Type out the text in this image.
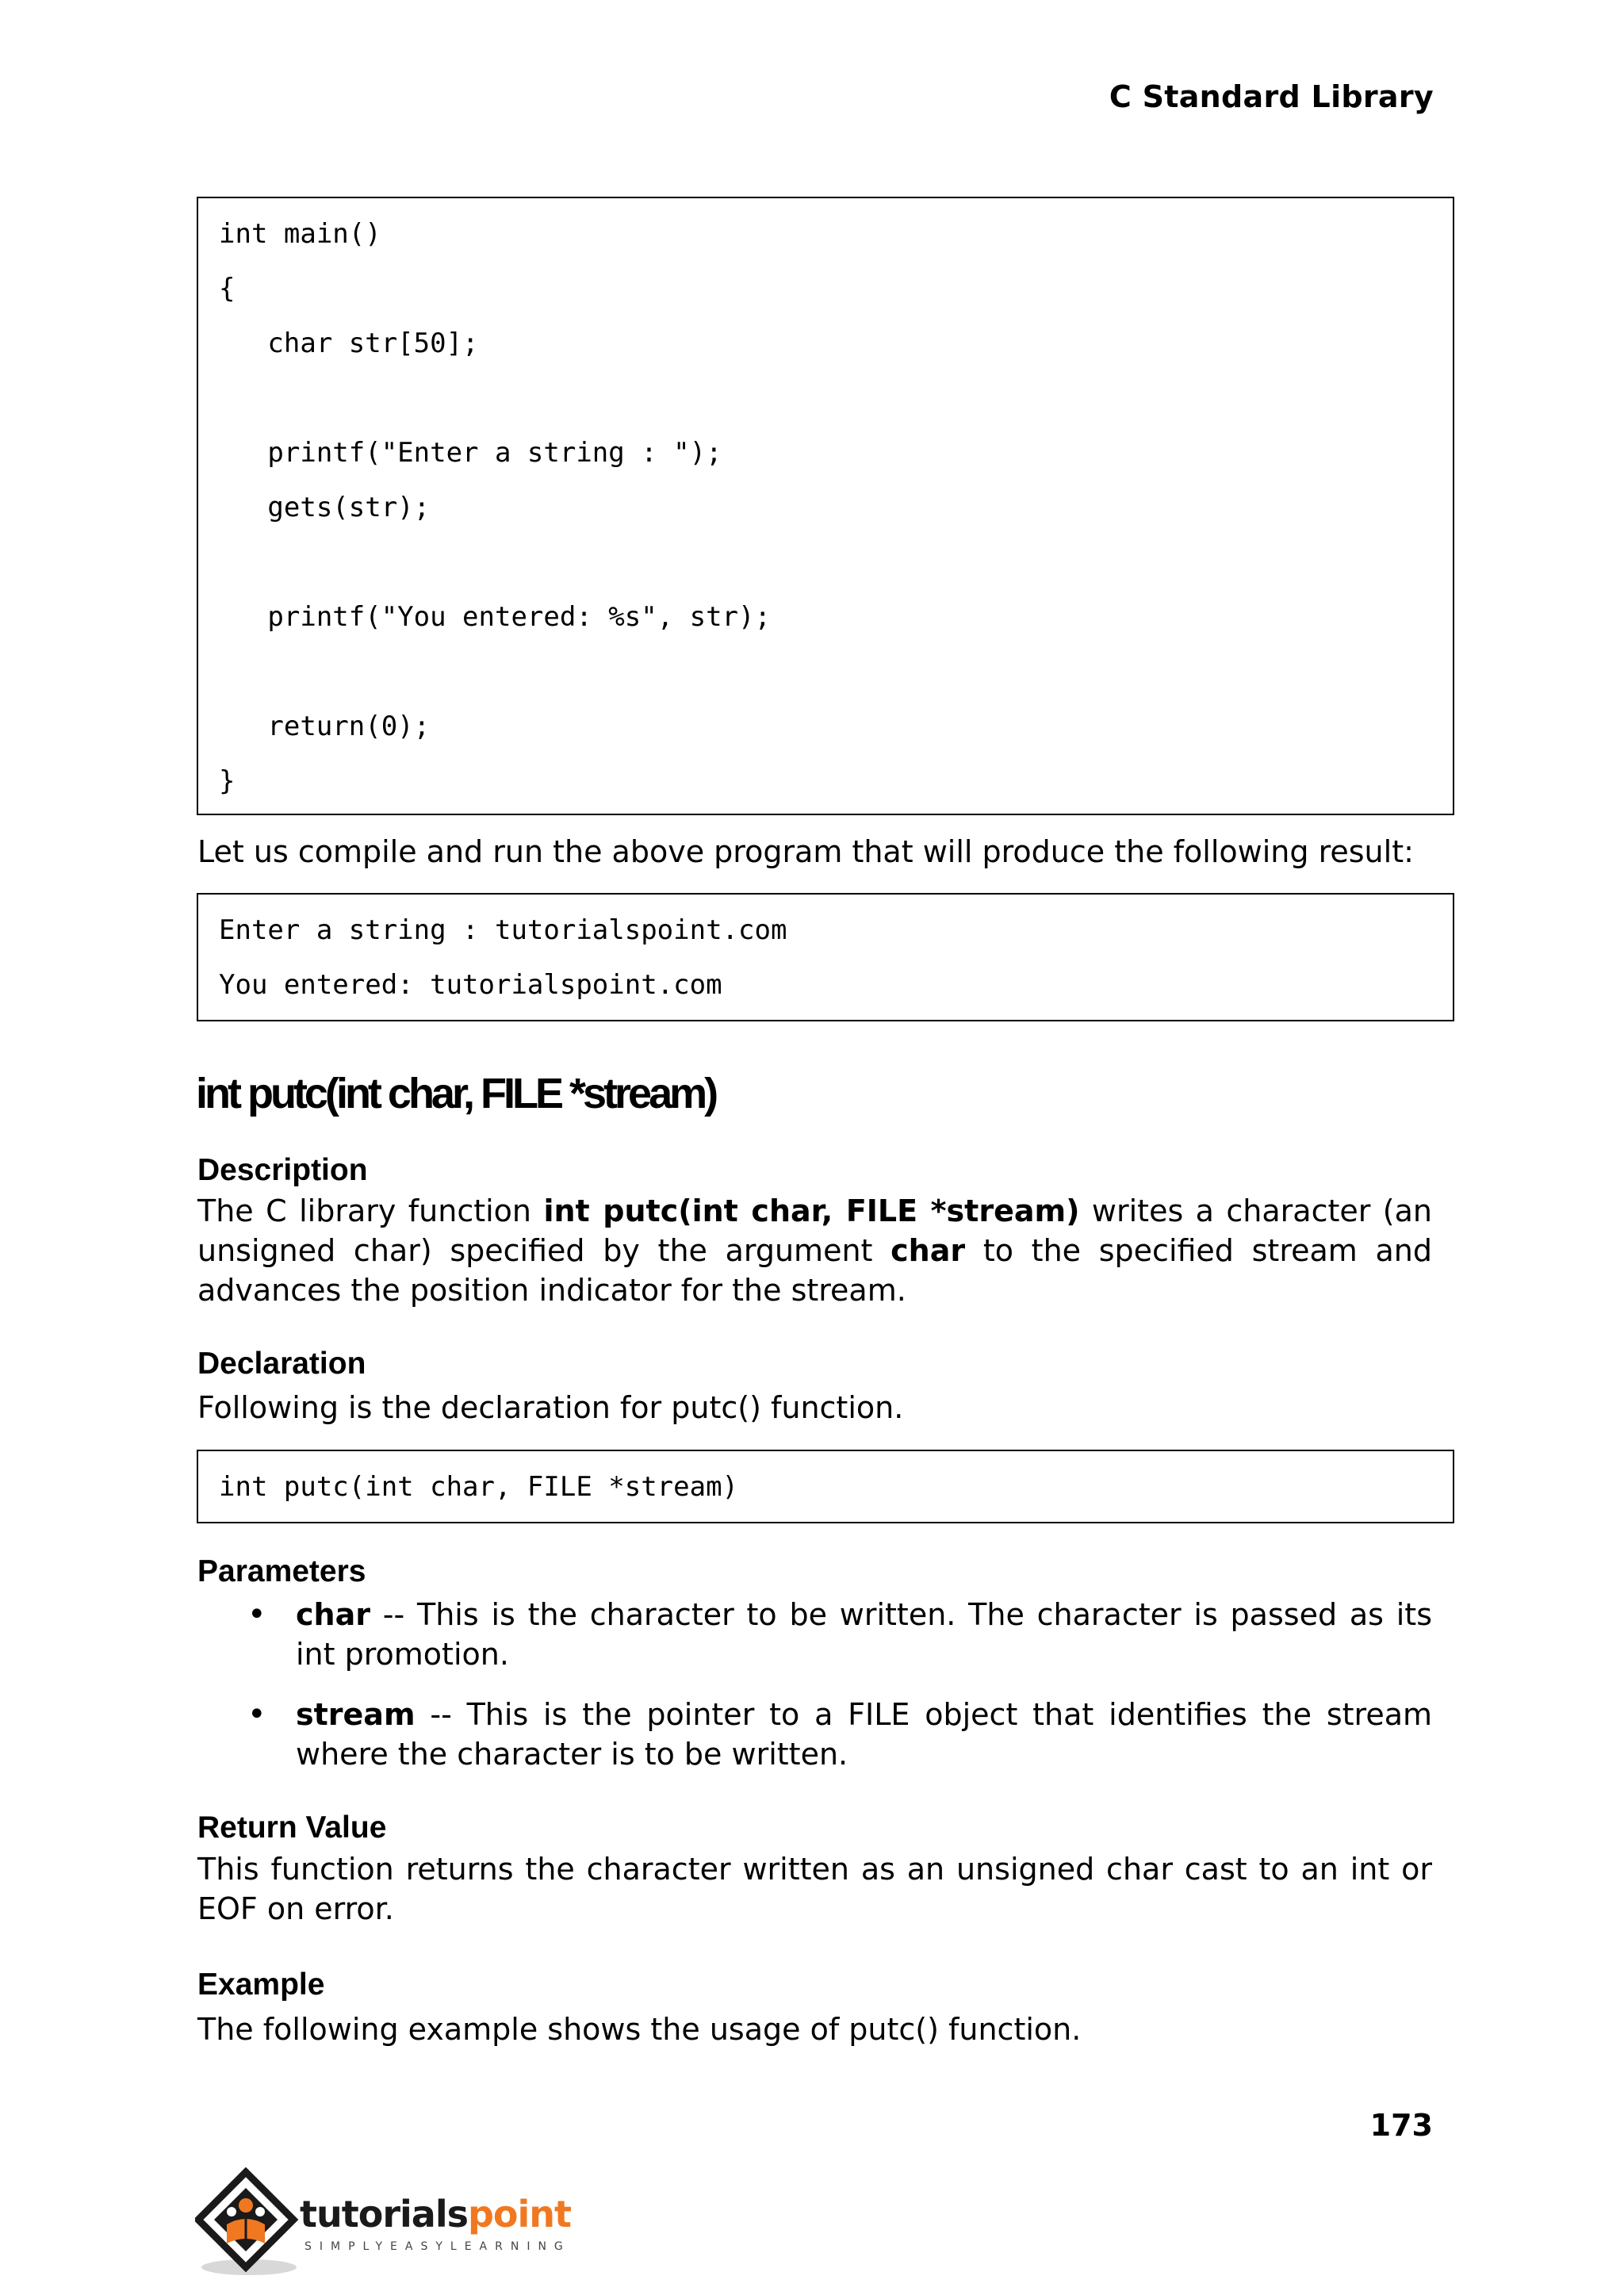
C Standard Library
int main()
{
char str[50];
printf("Enter a string : ");
gets(str);
printf("You entered: %s", str);
return(0);
}
Let us compile and run the above program that will produce the following result:
Enter a string : tutorialspoint.com
You entered: tutorialspoint.com
int putc(int char, FILE *stream)
Description
The C library function int putc(int char, FILE *stream) writes a character (an unsigned char) specified by the argument char to the specified stream and advances the position indicator for the stream.
Declaration
Following is the declaration for putc() function.
int putc(int char, FILE *stream)
Parameters
• char -- This is the character to be written. The character is passed as its int promotion.
• stream -- This is the pointer to a FILE object that identifies the stream where the character is to be written.
Return Value
This function returns the character written as an unsigned char cast to an int or EOF on error.
Example
The following example shows the usage of putc() function.
173
tutorialspoint
SIMPLYEASYLEARNING
